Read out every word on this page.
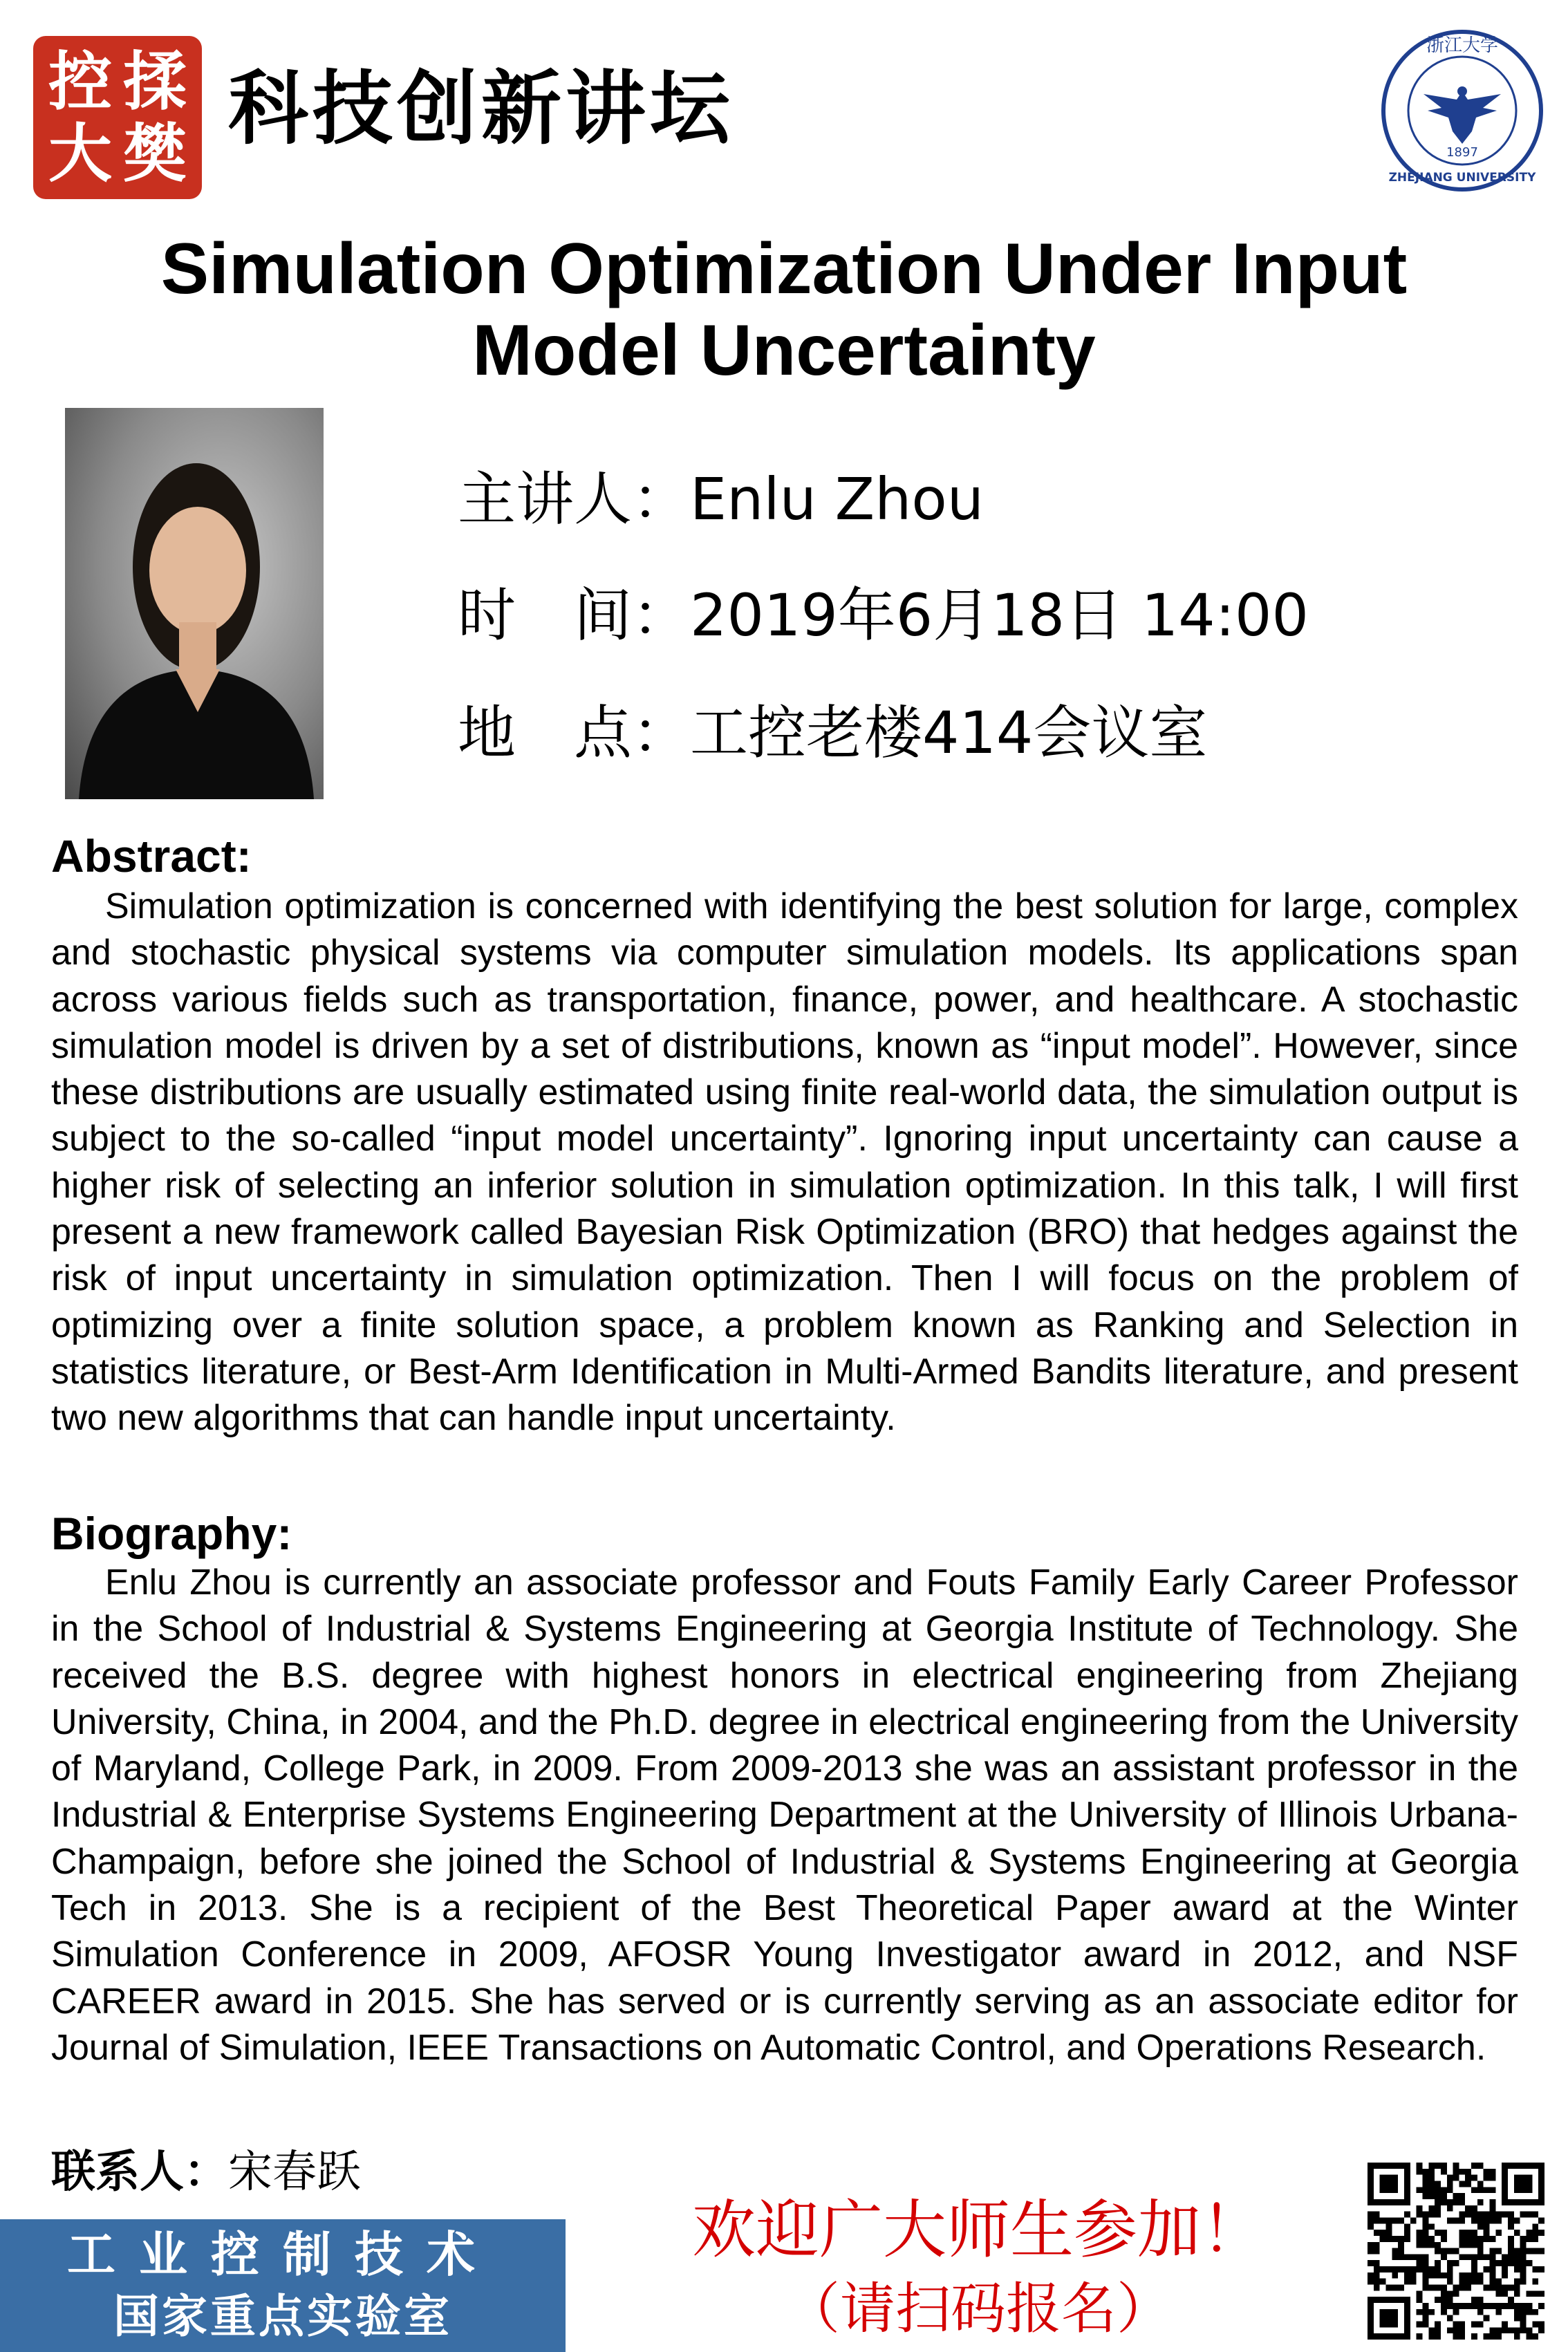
控 揉
大 樊 科技创新讲坛
浙江大学
1897
ZHEJIANG UNIVERSITY
Simulation Optimization Under Input
Model Uncertainty
主讲人：Enlu Zhou
时　间：2019年6月18日 14:00
地　点：工控老楼414会议室
Abstract:

Simulation optimization is concerned with identifying the best solution for large, complex and stochastic physical systems via computer simulation models. Its applications span across various fields such as transportation, finance, power, and healthcare. A stochastic simulation model is driven by a set of distributions, known as “input model”. However, since these distributions are usually estimated using finite real-world data, the simulation output is subject to the so-called “input model uncertainty”. Ignoring input uncertainty can cause a higher risk of selecting an inferior solution in simulation optimization. In this talk, I will first present a new framework called Bayesian Risk Optimization (BRO) that hedges against the risk of input uncertainty in simulation optimization. Then I will focus on the problem of optimizing over a finite solution space, a problem known as Ranking and Selection in statistics literature, or Best-Arm Identification in Multi-Armed Bandits literature, and present two new algorithms that can handle input uncertainty.

Biography:

Enlu Zhou is currently an associate professor and Fouts Family Early Career Professor in the School of Industrial & Systems Engineering at Georgia Institute of Technology. She received the B.S. degree with highest honors in electrical engineering from Zhejiang University, China, in 2004, and the Ph.D. degree in electrical engineering from the University of Maryland, College Park, in 2009. From 2009-2013 she was an assistant professor in the Industrial & Enterprise Systems Engineering Department at the University of Illinois Urbana-Champaign, before she joined the School of Industrial & Systems Engineering at Georgia Tech in 2013. She is a recipient of the Best Theoretical Paper award at the Winter Simulation Conference in 2009, AFOSR Young Investigator award in 2012, and NSF CAREER award in 2015. She has served or is currently serving as an associate editor for Journal of Simulation, IEEE Transactions on Automatic Control, and Operations Research.

联系人：宋春跃
工业控制技术
国家重点实验室
欢迎广大师生参加！
（请扫码报名）
